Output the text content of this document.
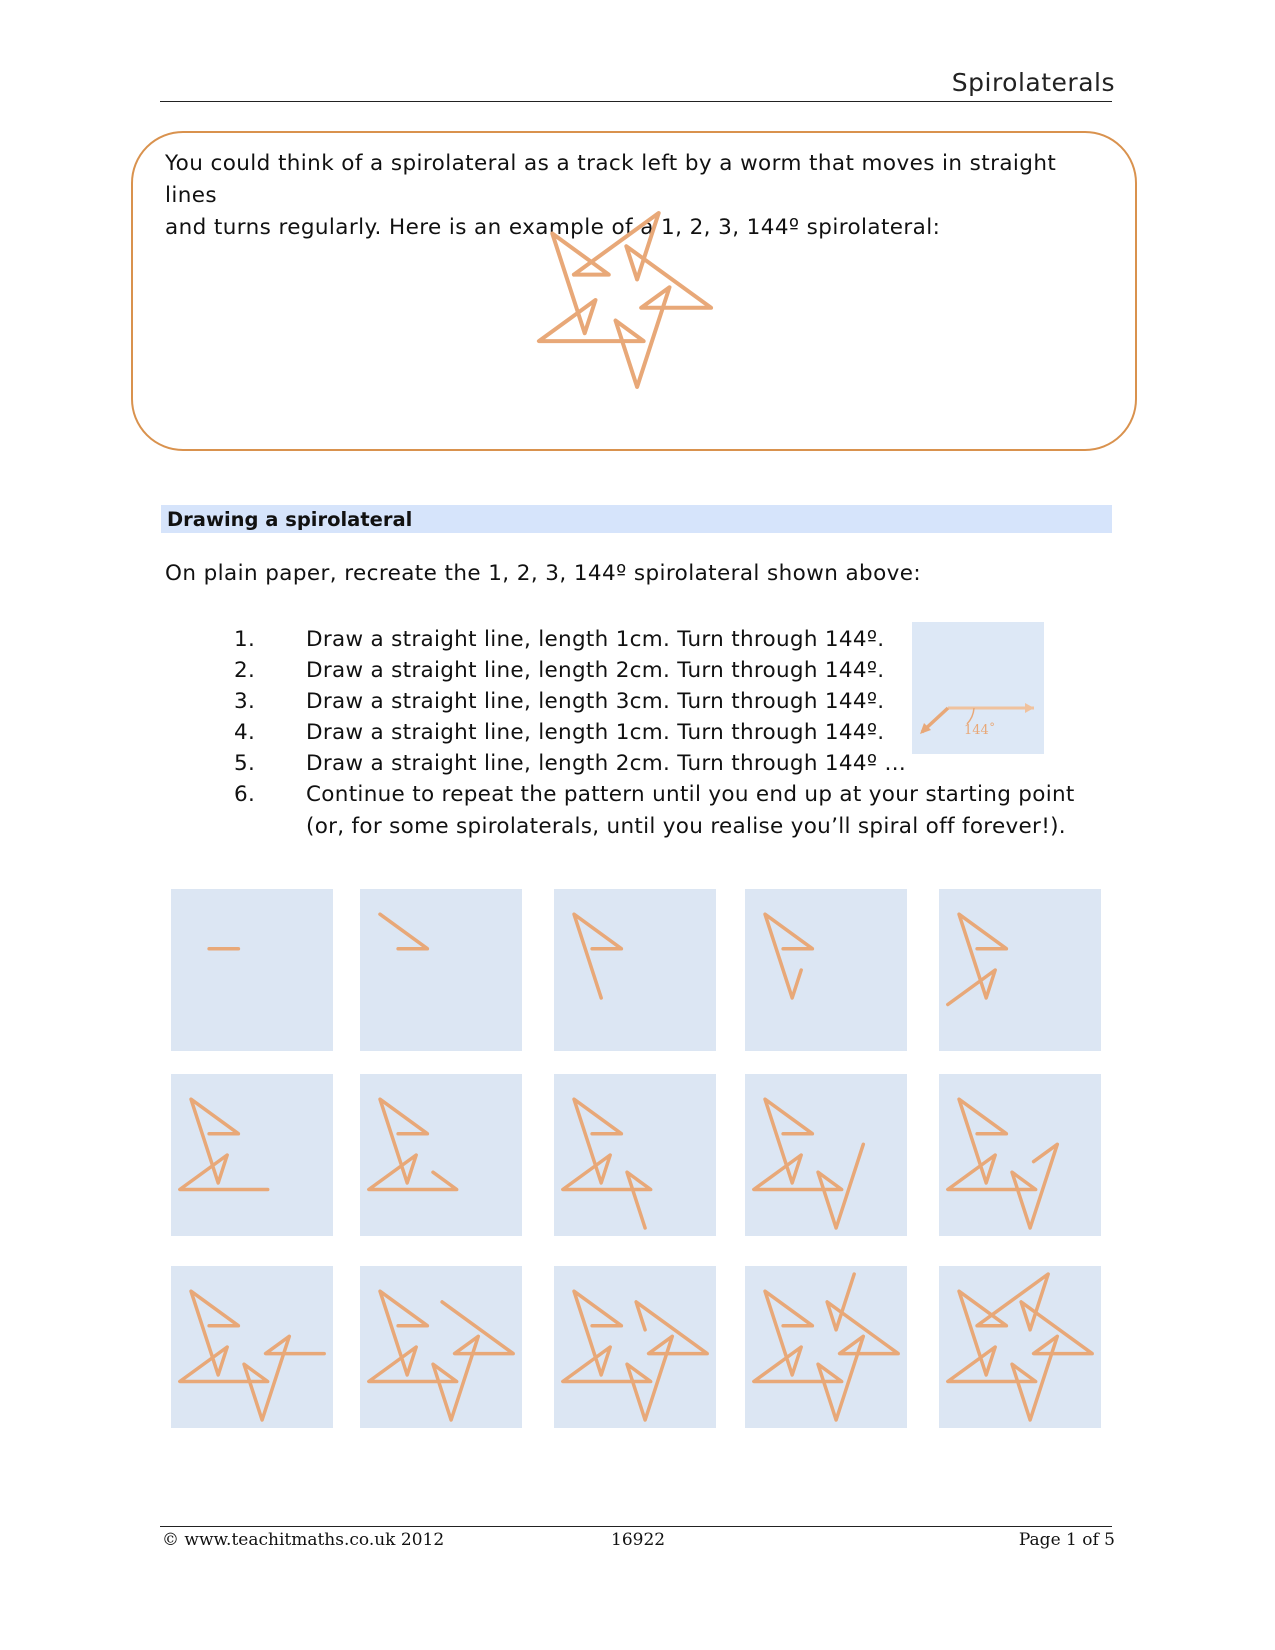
Spirolaterals
You could think of a spirolateral as a track left by a worm that moves in straight lines
and turns regularly. Here is an example of a 1, 2, 3, 144º spirolateral:
Drawing a spirolateral
On plain paper, recreate the 1, 2, 3, 144º spirolateral shown above:
1. Draw a straight line, length 1cm. Turn through 144º.
2. Draw a straight line, length 2cm. Turn through 144º.
3. Draw a straight line, length 3cm. Turn through 144º.
4. Draw a straight line, length 1cm. Turn through 144º.
5. Draw a straight line, length 2cm. Turn through 144º …
6. Continue to repeat the pattern until you end up at your starting point (or, for some spirolaterals, until you realise you’ll spiral off forever!).
144˚
© www.teachitmaths.co.uk 2012	16922	Page 1 of 5
